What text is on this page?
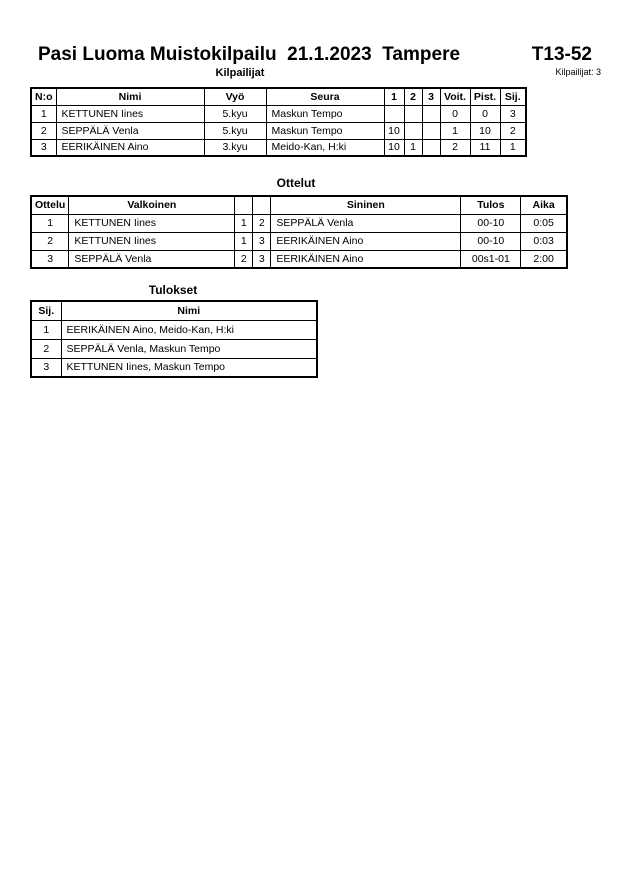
Pasi Luoma Muistokilpailu  21.1.2023  Tampere	T13-52
Kilpailijat	Kilpailijat: 3
N:o	Nimi	Vyö	Seura	1	2	3	Voit.	Pist.	Sij.
1	KETTUNEN Iines	5.kyu	Maskun Tempo				0	0	3
2	SEPPÄLÄ Venla	5.kyu	Maskun Tempo	10			1	10	2
3	EERIKÄINEN Aino	3.kyu	Meido-Kan, H:ki	10	1		2	11	1
Ottelut
Ottelu	Valkoinen			Sininen	Tulos	Aika
1	KETTUNEN Iines	1	2	SEPPÄLÄ Venla	00-10	0:05
2	KETTUNEN Iines	1	3	EERIKÄINEN Aino	00-10	0:03
3	SEPPÄLÄ Venla	2	3	EERIKÄINEN Aino	00s1-01	2:00
Tulokset
Sij.	Nimi
1	EERIKÄINEN Aino, Meido-Kan, H:ki
2	SEPPÄLÄ Venla, Maskun Tempo
3	KETTUNEN Iines, Maskun Tempo
